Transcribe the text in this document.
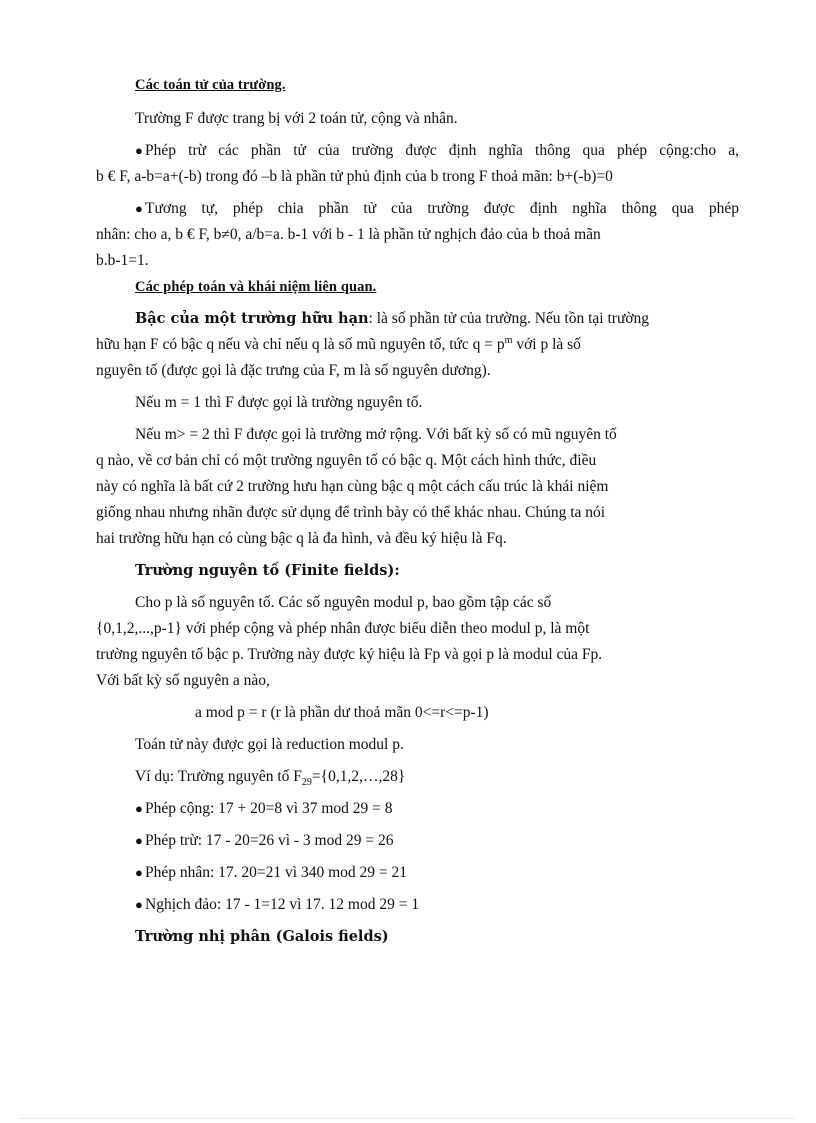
Các toán tử của trường.
Trường F được trang bị với 2 toán tử, cộng và nhân.
● Phép trừ các phần tử của trường được định nghĩa thông qua phép cộng:cho a,
b € F, a-b=a+(-b) trong đó –b là phần tử phủ định của b trong F thoả mãn: b+(-b)=0
● Tương tự, phép chia phần tử của trường được định nghĩa thông qua phép
nhân: cho a, b € F, b≠0, a/b=a. b-1 với b - 1 là phần tử nghịch đảo của b thoả mãn
b.b-1=1.
Các phép toán và khái niệm liên quan.
Bậc của một trường hữu hạn: là số phần tử của trường. Nếu tồn tại trường
hữu hạn F có bậc q nếu và chỉ nếu q là số mũ nguyên tố, tức $q = p^m$ với p là số
nguyên tố (được gọi là đặc trưng của F, m là số nguyên dương).
Nếu m = 1 thì F được gọi là trường nguyên tố.
Nếu m> = 2 thì F được gọi là trường mở rộng. Với bất kỳ số có mũ nguyên tố
q nào, về cơ bản chỉ có một trường nguyên tố có bậc q. Một cách hình thức, điều
này có nghĩa là bất cứ 2 trường hưu hạn cùng bậc q một cách cấu trúc là khái niệm
giống nhau nhưng nhãn được sử dụng để trình bày có thể khác nhau. Chúng ta nói
hai trường hữu hạn có cùng bậc q là đa hình, và đều ký hiệu là Fq.
Trường nguyên tố (Finite fields):
Cho p là số nguyên tố. Các số nguyên modul p, bao gồm tập các số
{0,1,2,...,p-1} với phép cộng và phép nhân được biểu diễn theo modul p, là một
trường nguyên tố bậc p. Trường này được ký hiệu là Fp và gọi p là modul của Fp.
Với bất kỳ số nguyên a nào,
a mod p = r (r là phần dư thoả mãn 0<=r<=p-1)
Toán tử này được gọi là reduction modul p.
Ví dụ: Trường nguyên tố $F_{29}=\{0,1,2,\dots,28\}$
● Phép cộng: 17 + 20=8 vì 37 mod 29 = 8
● Phép trừ: 17 - 20=26 vì - 3 mod 29 = 26
● Phép nhân: 17. 20=21 vì 340 mod 29 = 21
● Nghịch đảo: 17 - 1=12 vì 17. 12 mod 29 = 1
Trường nhị phân (Galois fields)
